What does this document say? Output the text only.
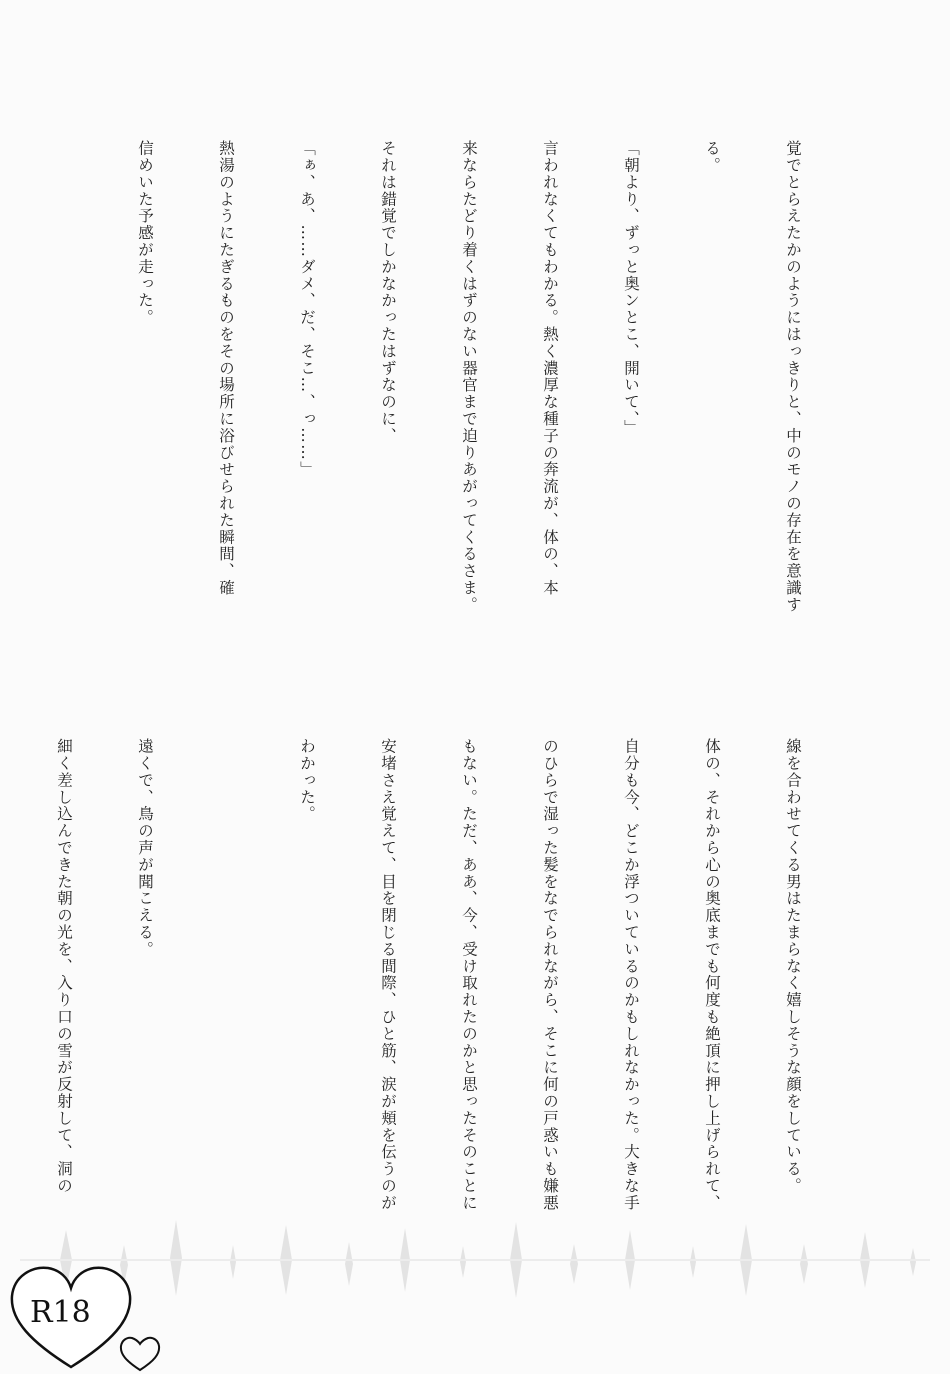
覚でとらえたかのようにはっきりと、中のモノの存在を意識す

る。

「朝より、ずっと奥ンとこ、開いて、」

言われなくてもわかる。熱く濃厚な種子の奔流が、体の、本

来ならたどり着くはずのない器官まで迫りあがってくるさま。

それは錯覚でしかなかったはずなのに、

「ぁ、あ、……ダメ、だ、そこ…、っ……」

熱湯のようにたぎるものをその場所に浴びせられた瞬間、確

信めいた予感が走った。

線を合わせてくる男はたまらなく嬉しそうな顔をしている。

体の、それから心の奥底までも何度も絶頂に押し上げられて、

自分も今、どこか浮ついているのかもしれなかった。大きな手

のひらで湿った髪をなでられながら、そこに何の戸惑いも嫌悪

もない。ただ、ああ、今、受け取れたのかと思ったそのことに

安堵さえ覚えて、目を閉じる間際、ひと筋、涙が頬を伝うのが

わかった。

遠くで、鳥の声が聞こえる。

細く差し込んできた朝の光を、入り口の雪が反射して、洞の

R18
